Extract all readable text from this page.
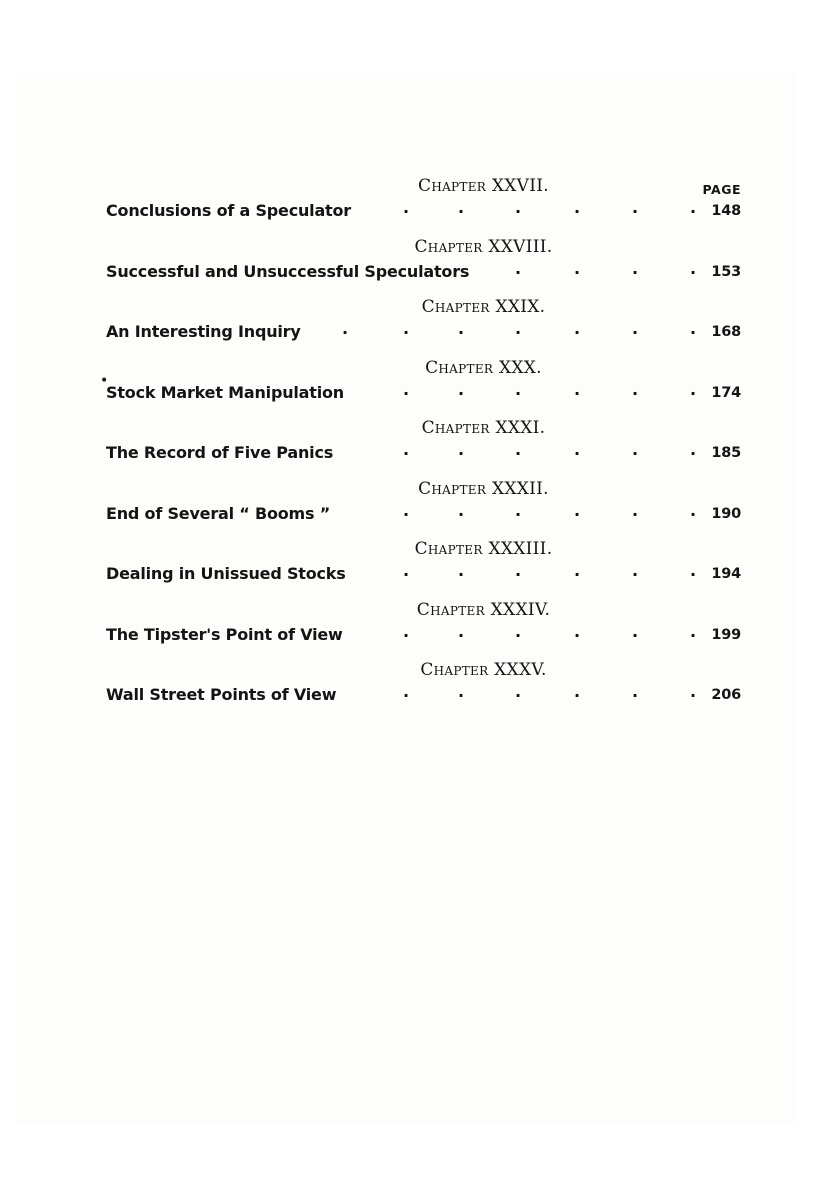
PAGE
Chapter XXVII.
Conclusions of a Speculator	.	.	.	.	.	. 148
Chapter XXVIII.
Successful and Unsuccessful Speculators	.	.	.	. 153
Chapter XXIX.
An Interesting Inquiry	.	.	.	.	.	.	. 168
•
Chapter XXX.
Stock Market Manipulation	.	.	.	.	.	. 174
Chapter XXXI.
The Record of Five Panics	.	.	.	.	.	. 185
Chapter XXXII.
End of Several “ Booms ”	.	.	.	.	.	. 190
Chapter XXXIII.
Dealing in Unissued Stocks	.	.	.	.	.	. 194
Chapter XXXIV.
The Tipster's Point of View	.	.	.	.	.	. 199
Chapter XXXV.
Wall Street Points of View	.	.	.	.	.	. 206
